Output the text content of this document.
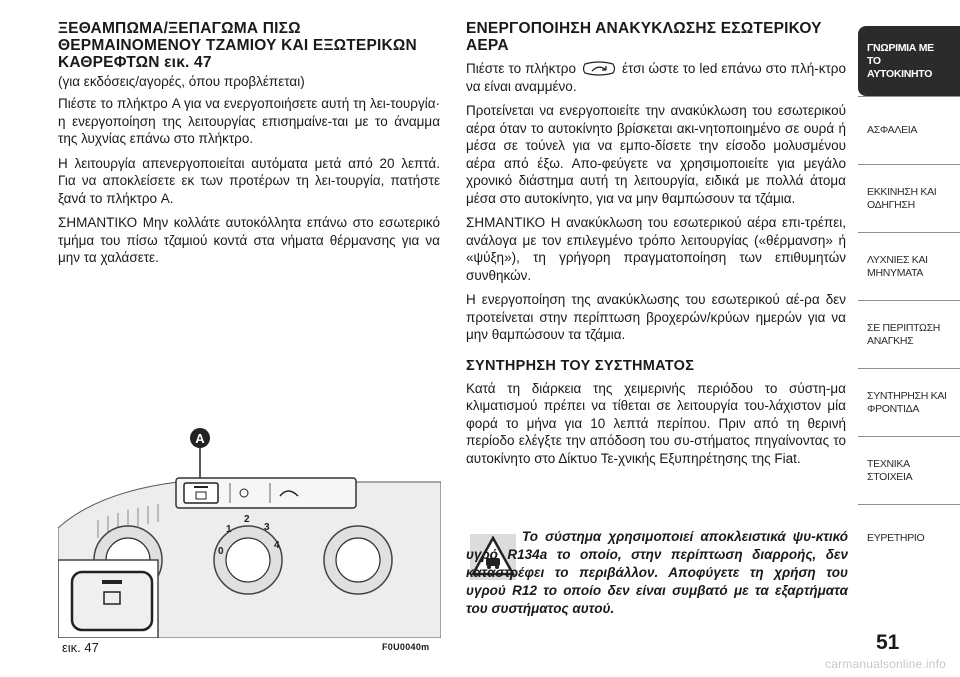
ΞΕΘΑΜΠΩΜΑ/ΞΕΠΑΓΩΜΑ ΠΙΣΩ ΘΕΡΜΑΙΝΟΜΕΝΟΥ ΤΖΑΜΙΟΥ ΚΑΙ ΕΞΩΤΕΡΙΚΩΝ ΚΑΘΡΕΦΤΩΝ εικ. 47
(για εκδόσεις/αγορές, όπου προβλέπεται)

Πιέστε το πλήκτρο A για να ενεργοποιήσετε αυτή τη λει-τουργία· η ενεργοποίηση της λειτουργίας επισημαίνε-ται με το άναμμα της λυχνίας επάνω στο πλήκτρο.

Η λειτουργία απενεργοποιείται αυτόματα μετά από 20 λεπτά. Για να αποκλείσετε εκ των προτέρων τη λει-τουργία, πατήστε ξανά το πλήκτρο A.

ΣΗΜΑΝΤΙΚΟ Μην κολλάτε αυτοκόλλητα επάνω στο εσωτερικό τμήμα του πίσω τζαμιού κοντά στα νήματα θέρμανσης για να μην τα χαλάσετε.

A
0
1
2
3
4
εικ. 47	F0U0040m
ΕΝΕΡΓΟΠΟΙΗΣΗ ΑΝΑΚΥΚΛΩΣΗΣ ΕΣΩΤΕΡΙΚΟΥ ΑΕΡΑ

Πιέστε το πλήκτρο	έτσι ώστε το led επάνω στο πλή-κτρο να είναι αναμμένο.

Προτείνεται να ενεργοποιείτε την ανακύκλωση του εσωτερικού αέρα όταν το αυτοκίνητο βρίσκεται ακι-νητοποιημένο σε ουρά ή μέσα σε τούνελ για να εμπο-δίσετε την είσοδο μολυσμένου αέρα από έξω. Απο-φεύγετε να χρησιμοποιείτε για μεγάλο χρονικό διάστημα αυτή τη λειτουργία, ειδικά με πολλά άτομα μέσα στο αυτοκίνητο, για να μην θαμπώσουν τα τζάμια.

ΣΗΜΑΝΤΙΚΟ Η ανακύκλωση του εσωτερικού αέρα επι-τρέπει, ανάλογα με τον επιλεγμένο τρόπο λειτουργίας («θέρμανση» ή «ψύξη»), τη γρήγορη πραγματοποίηση των επιθυμητών συνθηκών.

Η ενεργοποίηση της ανακύκλωσης του εσωτερικού αέ-ρα δεν προτείνεται στην περίπτωση βροχερών/κρύων ημερών για να μην θαμπώσουν τα τζάμια.

ΣΥΝΤΗΡΗΣΗ ΤΟΥ ΣΥΣΤΗΜΑΤΟΣ

Κατά τη διάρκεια της χειμερινής περιόδου το σύστη-μα κλιματισμού πρέπει να τίθεται σε λειτουργία του-λάχιστον μία φορά το μήνα για 10 λεπτά περίπου. Πριν από τη θερινή περίοδο ελέγξτε την απόδοση του συ-στήματος πηγαίνοντας το αυτοκίνητο στο Δίκτυο Τε-χνικής Εξυπηρέτησης της Fiat.

Το σύστημα χρησιμοποιεί αποκλειστικά ψυ-κτικό υγρό R134a το οποίο, στην περίπτωση διαρροής, δεν καταστρέφει το περιβάλλον. Αποφύγετε τη χρήση του υγρού R12 το οποίο δεν είναι συμβατό με τα εξαρτήματα του συστήματος αυτού.
ΓΝΩΡΙΜΙΑ ΜΕ ΤΟ ΑΥΤΟΚΙΝΗΤΟ
ΑΣΦΑΛΕΙΑ
ΕΚΚΙΝΗΣΗ ΚΑΙ ΟΔΗΓΗΣΗ
ΛΥΧΝΙΕΣ ΚΑΙ ΜΗΝΥΜΑΤΑ
ΣΕ ΠΕΡΙΠΤΩΣΗ ΑΝΑΓΚΗΣ
ΣΥΝΤΗΡΗΣΗ ΚΑΙ ΦΡΟΝΤΙΔΑ
ΤΕΧΝΙΚΑ ΣΤΟΙΧΕΙΑ
ΕΥΡΕΤΗΡΙΟ
51
carmanualsonline.info
